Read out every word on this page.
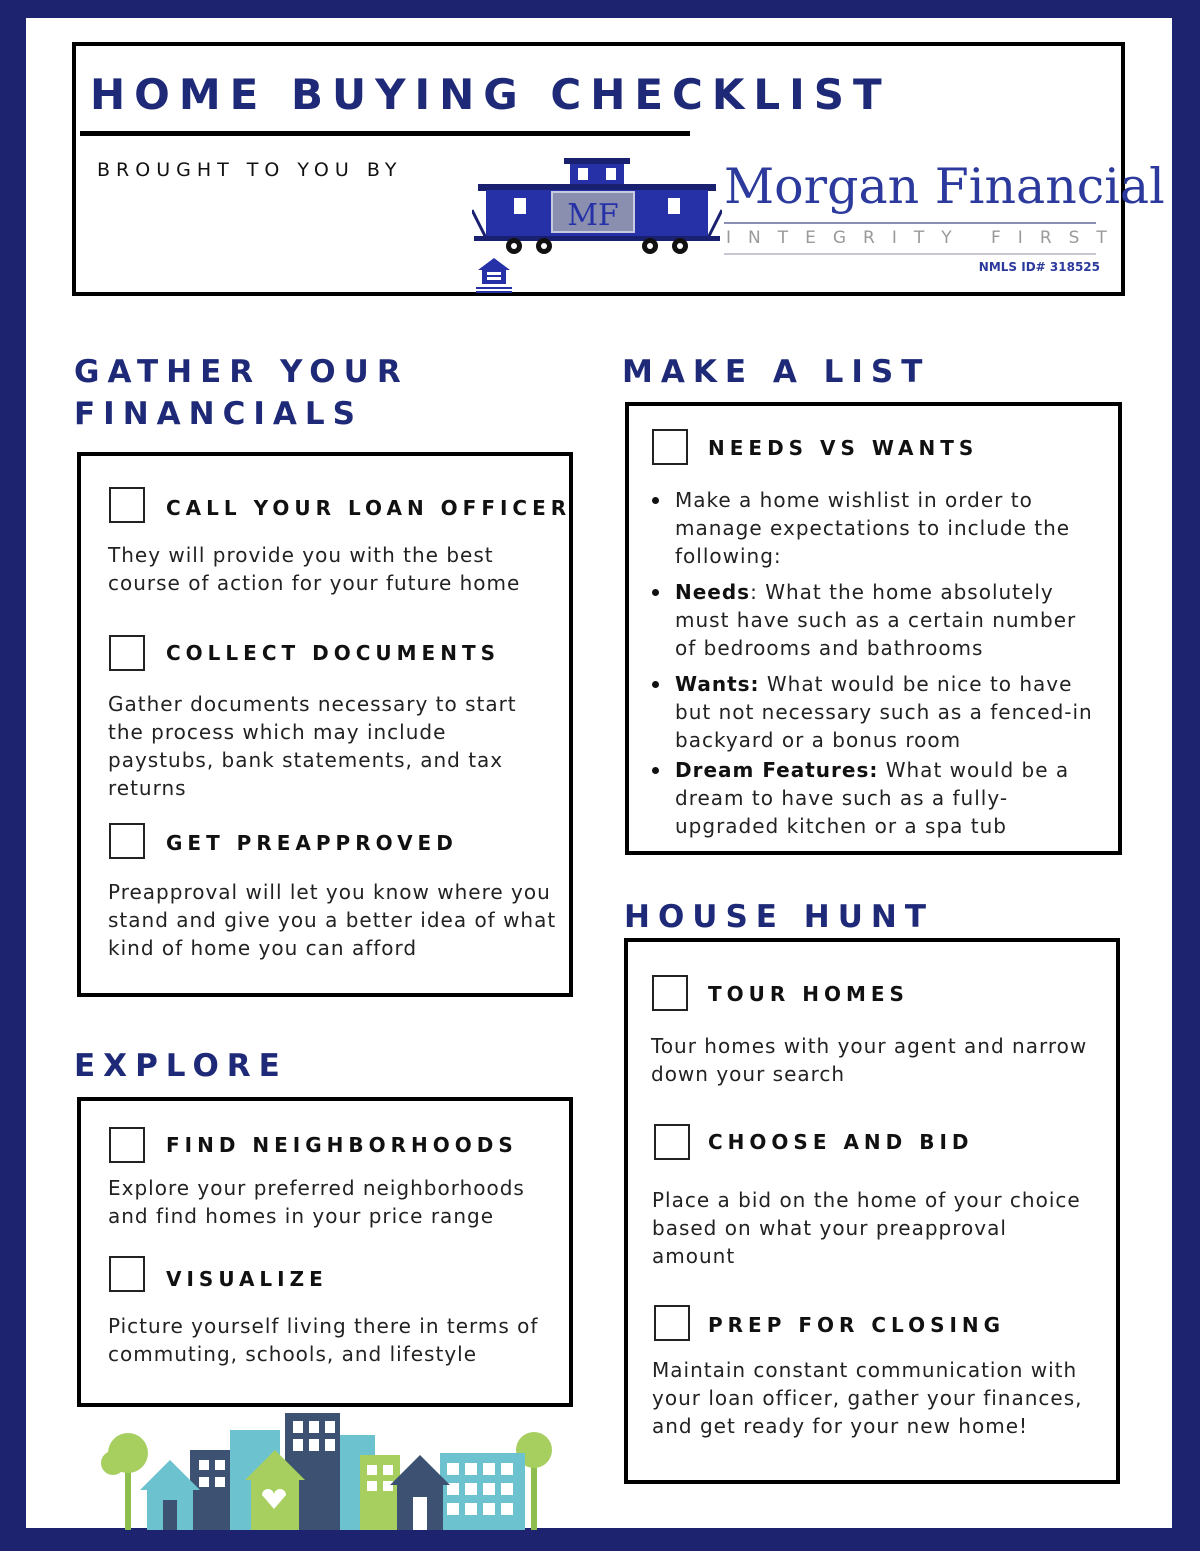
HOME BUYING CHECKLIST
BROUGHT TO YOU BY
MF
Morgan Financial
INTEGRITY FIRST
NMLS ID# 318525
GATHER YOUR
FINANCIALS
CALL YOUR LOAN OFFICER
They will provide you with the best course of action for your future home
COLLECT DOCUMENTS
Gather documents necessary to start the process which may include paystubs, bank statements, and tax returns
GET PREAPPROVED
Preapproval will let you know where you stand and give you a better idea of what kind of home you can afford
EXPLORE
FIND NEIGHBORHOODS
Explore your preferred neighborhoods and find homes in your price range
VISUALIZE
Picture yourself living there in terms of commuting, schools, and lifestyle
MAKE A LIST
NEEDS VS WANTS
Make a home wishlist in order to manage expectations to include the following:
Needs: What the home absolutely must have such as a certain number of bedrooms and bathrooms
Wants: What would be nice to have but not necessary such as a fenced-in backyard or a bonus room
Dream Features: What would be a dream to have such as a fully-upgraded kitchen or a spa tub
HOUSE HUNT
TOUR HOMES
Tour homes with your agent and narrow down your search
CHOOSE AND BID
Place a bid on the home of your choice based on what your preapproval amount
PREP FOR CLOSING
Maintain constant communication with your loan officer, gather your finances, and get ready for your new home!
